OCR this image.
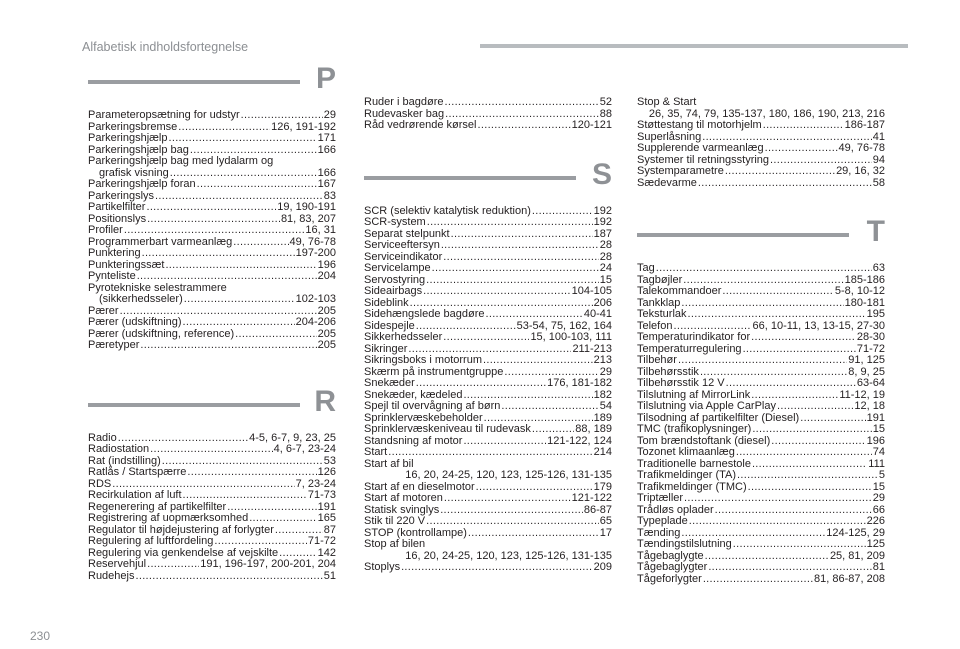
Alfabetisk indholdsfortegnelse
P
Parameteropsætning for udstyr .....	29
Parkeringsbremse .....	126, 191-192
Parkeringshjælp .....	171
Parkeringshjælp bag .....	166
Parkeringshjælp bag med lydalarm og
grafisk visning .....	166
Parkeringshjælp foran .....	167
Parkeringslys .....	83
Partikelfilter .....	19, 190-191
Positionslys .....	81, 83, 207
Profiler .....	16, 31
Programmerbart varmeanlæg .....	49, 76-78
Punktering .....	197-200
Punkteringssæt .....	196
Pynteliste .....	204
Pyrotekniske selestrammere
(sikkerhedsseler) .....	102-103
Pærer .....	205
Pærer (udskiftning) .....	204-206
Pærer (udskiftning, reference) .....	205
Pæretyper .....	205
R
Radio .....	4-5, 6-7, 9, 23, 25
Radiostation .....	4, 6-7, 23-24
Rat (indstilling) .....	53
Ratlås / Startspærre .....	126
RDS .....	7, 23-24
Recirkulation af luft .....	71-73
Regenerering af partikelfilter .....	191
Registrering af uopmærksomhed .....	165
Regulator til højdejustering af forlygter .....	87
Regulering af luftfordeling .....	71-72
Regulering via genkendelse af vejskilte .....	142
Reservehjul .....	191, 196-197, 200-201, 204
Rudehejs .....	51
Ruder i bagdøre .....	52
Rudevasker bag .....	88
Råd vedrørende kørsel .....	120-121
S
SCR (selektiv katalytisk reduktion) .....	192
SCR-system .....	192
Separat stelpunkt .....	187
Serviceeftersyn .....	28
Serviceindikator .....	28
Servicelampe .....	24
Servostyring .....	15
Sideairbags .....	104-105
Sideblink .....	206
Sidehængslede bagdøre .....	40-41
Sidespejle .....	53-54, 75, 162, 164
Sikkerhedsseler .....	15, 100-103, 111
Sikringer .....	211-213
Sikringsboks i motorrum .....	213
Skærm på instrumentgruppe .....	29
Snekæder .....	176, 181-182
Snekæder, kædeled .....	182
Spejl til overvågning af børn .....	54
Sprinklervæskebeholder .....	189
Sprinklervæskeniveau til rudevask .....	88, 189
Standsning af motor .....	121-122, 124
Start .....	214
Start af bil
16, 20, 24-25, 120, 123, 125-126, 131-135
Start af en dieselmotor .....	179
Start af motoren .....	121-122
Statisk svinglys .....	86-87
Stik til 220 V .....	65
STOP (kontrollampe) .....	17
Stop af bilen
16, 20, 24-25, 120, 123, 125-126, 131-135
Stoplys .....	209
Stop & Start
26, 35, 74, 79, 135-137, 180, 186, 190, 213, 216
Støttestang til motorhjelm .....	186-187
Superlåsning .....	41
Supplerende varmeanlæg .....	49, 76-78
Systemer til retningsstyring .....	94
Systemparametre .....	29, 16, 32
Sædevarme .....	58
T
Tag .....	63
Tagbøjler .....	185-186
Talekommandoer .....	5-8, 10-12
Tankklap .....	180-181
Teksturlak .....	195
Telefon .....	66, 10-11, 13, 13-15, 27-30
Temperaturindikator for .....	28-30
Temperaturregulering .....	71-72
Tilbehør .....	91, 125
Tilbehørsstik .....	8, 9, 25
Tilbehørsstik 12 V .....	63-64
Tilslutning af MirrorLink .....	11-12, 19
Tilslutning via Apple CarPlay .....	12, 18
Tilsodning af partikelfilter (Diesel) .....	191
TMC (trafikoplysninger) .....	15
Tom brændstoftank (diesel) .....	196
Tozonet klimaanlæg .....	74
Traditionelle barnestole .....	111
Trafikmeldinger (TA) .....	5
Trafikmeldinger (TMC) .....	15
Triptæller .....	29
Trådløs oplader .....	66
Typeplade .....	226
Tænding .....	124-125, 29
Tændingstilslutning .....	125
Tågebaglygte .....	25, 81, 209
Tågebaglygter .....	81
Tågeforlygter .....	81, 86-87, 208
230
